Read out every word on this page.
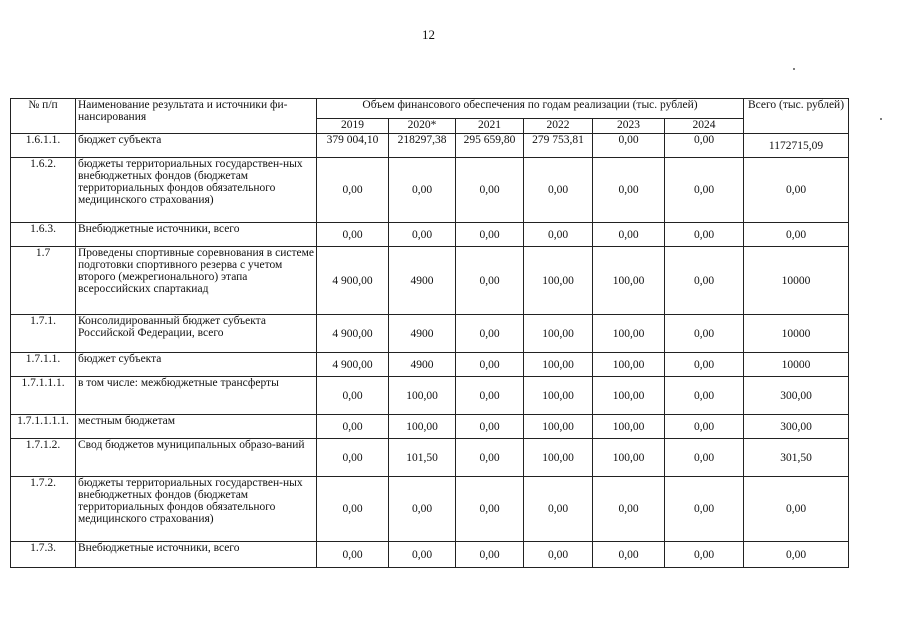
12
№ п/п	Наименование результата и источники фи-нансирования	Объем финансового обеспечения по годам реализации (тыс. рублей)						Всего (тыс. рублей)
		2019	2020*	2021	2022	2023	2024	
1.6.1.1.	бюджет субъекта	379 004,10	218297,38	295 659,80	279 753,81	0,00	0,00	1172715,09
1.6.2.	бюджеты территориальных государствен-ных внебюджетных фондов (бюджетам территориальных фондов обязательного медицинского страхования)	0,00	0,00	0,00	0,00	0,00	0,00	0,00
1.6.3.	Внебюджетные источники, всего	0,00	0,00	0,00	0,00	0,00	0,00	0,00
1.7	Проведены спортивные соревнования в системе подготовки спортивного резерва с учетом второго (межрегионального) этапа всероссийских спартакиад	4 900,00	4900	0,00	100,00	100,00	0,00	10000
1.7.1.	Консолидированный бюджет субъекта Российской Федерации, всего	4 900,00	4900	0,00	100,00	100,00	0,00	10000
1.7.1.1.	бюджет субъекта	4 900,00	4900	0,00	100,00	100,00	0,00	10000
1.7.1.1.1.	в том числе: межбюджетные трансферты	0,00	100,00	0,00	100,00	100,00	0,00	300,00
1.7.1.1.1.1.	местным бюджетам	0,00	100,00	0,00	100,00	100,00	0,00	300,00
1.7.1.2.	Свод бюджетов муниципальных образо-ваний	0,00	101,50	0,00	100,00	100,00	0,00	301,50
1.7.2.	бюджеты территориальных государствен-ных внебюджетных фондов (бюджетам территориальных фондов обязательного медицинского страхования)	0,00	0,00	0,00	0,00	0,00	0,00	0,00
1.7.3.	Внебюджетные источники, всего	0,00	0,00	0,00	0,00	0,00	0,00	0,00
